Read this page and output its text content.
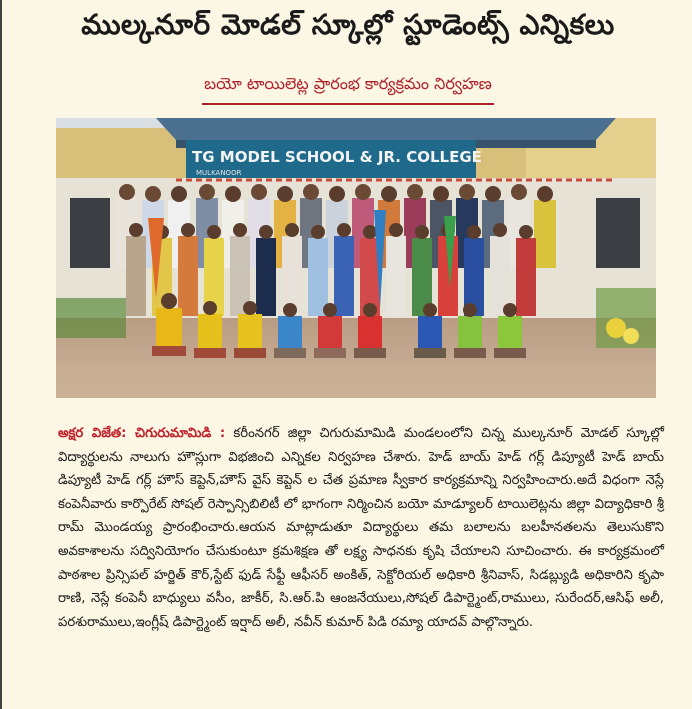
ముల్కనూర్ మోడల్ స్కూల్లో స్టూడెంట్స్ ఎన్నికలు
బయో టాయిలెట్ల ప్రారంభ కార్యక్రమం నిర్వహణ
TG MODEL SCHOOL & JR. COLLEGE
MULKANOOR
అక్షర విజేత: చిగురుమామిడి : కరీంనగర్ జిల్లా చిగురుమామిడి మండలంలోని చిన్న ముల్కనూర్ మోడల్ స్కూల్లో విద్యార్థులను నాలుగు హౌస్లుగా విభజించి ఎన్నికల నిర్వహణ చేశారు. హెడ్ బాయ్ హెడ్ గర్ల్ డిప్యూటీ హెడ్ బాయ్ డిప్యూటీ హెడ్ గర్ల్ హౌస్ కెప్టెన్,హౌస్ వైస్ కెప్టెన్ ల చేత ప్రమాణ స్వీకార కార్యక్రమాన్ని నిర్వహించారు.అదే విధంగా నెస్లే కంపెనీవారు కార్పొరేట్ సోషల్ రెస్పాన్సిబిలిటీ లో భాగంగా నిర్మించిన బయో మాడ్యూలర్ టాయిలెట్లను జిల్లా విద్యాధికారి శ్రీ రామ్ మొండయ్య ప్రారంభించారు.ఆయన మాట్లాడుతూ విద్యార్థులు తమ బలాలను బలహీనతలను తెలుసుకొని అవకాశాలను సద్వినియోగం చేసుకుంటూ క్రమశిక్షణ తో లక్ష్య సాధనకు కృషి చేయాలని సూచించారు. ఈ కార్యక్రమంలో పాఠశాల ప్రిన్సిపల్ హర్జిత్ కౌర్,స్టేట్ ఫుడ్ సేఫ్టీ ఆఫీసర్ అంకిత్, సెక్టోరియల్ అధికారి శ్రీనివాస్, సిడబ్ల్యుడి అధికారిని కృపా రాణి, నెస్లే కంపెనీ బాధ్యులు వసీం, జాకీర్, సి.ఆర్.పి ఆంజనేయులు,సోషల్ డిపార్ట్మెంట్,రాములు, సురేందర్,ఆసిఫ్ అలీ, పరశురాములు,ఇంగ్లీష్ డిపార్ట్మెంట్ ఇర్షాద్ అలీ, నవీన్ కుమార్ పిడి రమ్యా యాదవ్ పాల్గొన్నారు.
